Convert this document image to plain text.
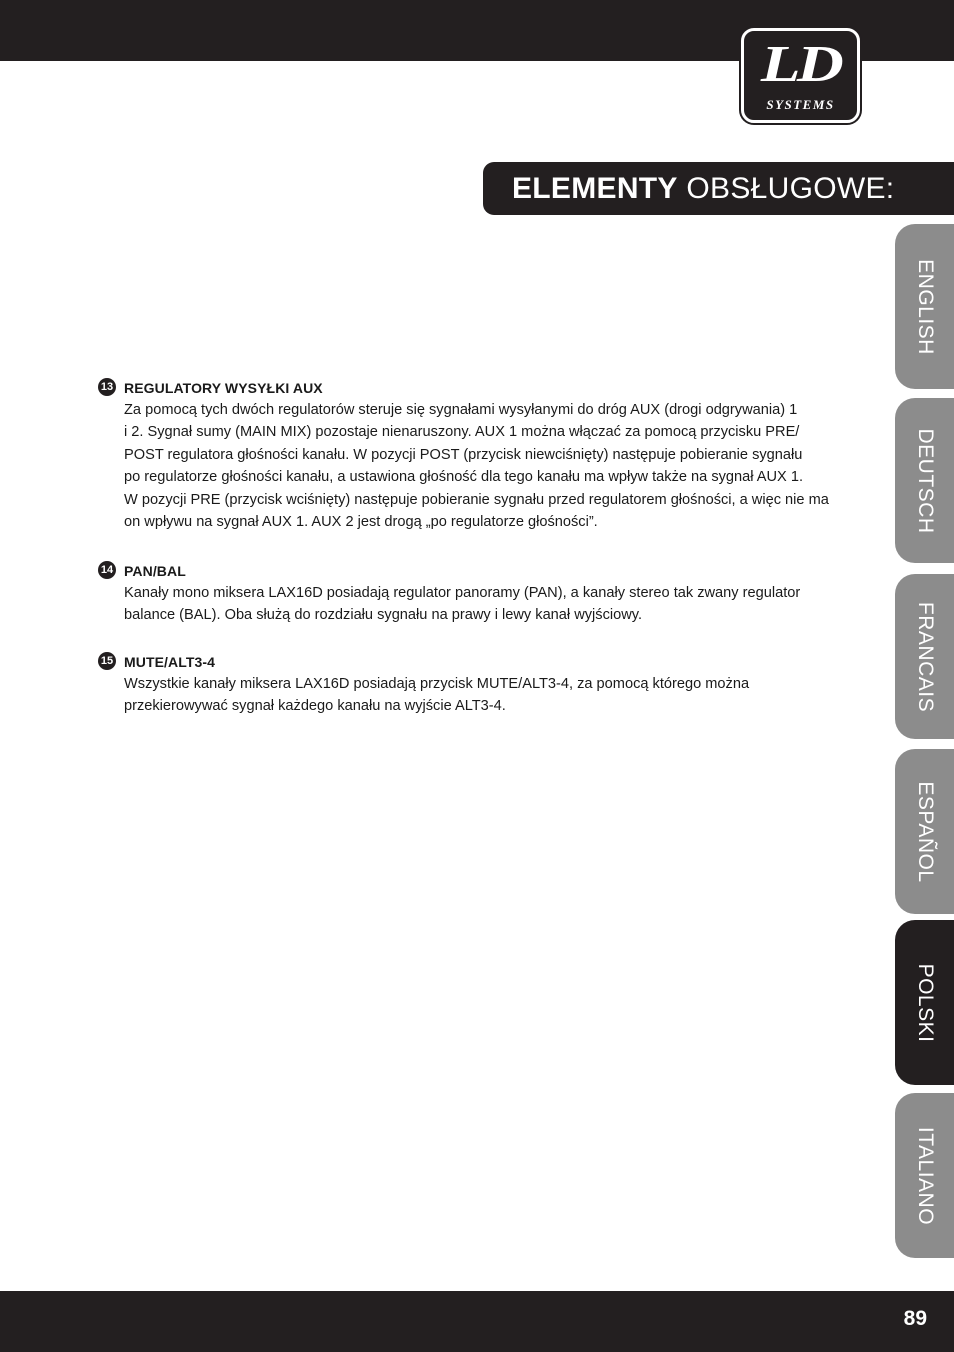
LD
SYSTEMS
ELEMENTY OBSŁUGOWE:
ENGLISH
DEUTSCH
FRANCAIS
ESPAÑOL
POLSKI
ITALIANO
13 REGULATORY WYSYŁKI AUX
Za pomocą tych dwóch regulatorów steruje się sygnałami wysyłanymi do dróg AUX (drogi odgrywania) 1
i 2. Sygnał sumy (MAIN MIX) pozostaje nienaruszony. AUX 1 można włączać za pomocą przycisku PRE/
POST regulatora głośności kanału. W pozycji POST (przycisk niewciśnięty) następuje pobieranie sygnału
po regulatorze głośności kanału, a ustawiona głośność dla tego kanału ma wpływ także na sygnał AUX 1.
W pozycji PRE (przycisk wciśnięty) następuje pobieranie sygnału przed regulatorem głośności, a więc nie ma
on wpływu na sygnał AUX 1. AUX 2 jest drogą „po regulatorze głośności”.
14 PAN/BAL
Kanały mono miksera LAX16D posiadają regulator panoramy (PAN), a kanały stereo tak zwany regulator
balance (BAL). Oba służą do rozdziału sygnału na prawy i lewy kanał wyjściowy.
15 MUTE/ALT3-4
Wszystkie kanały miksera LAX16D posiadają przycisk MUTE/ALT3-4, za pomocą którego można
przekierowywać sygnał każdego kanału na wyjście ALT3-4.
89
